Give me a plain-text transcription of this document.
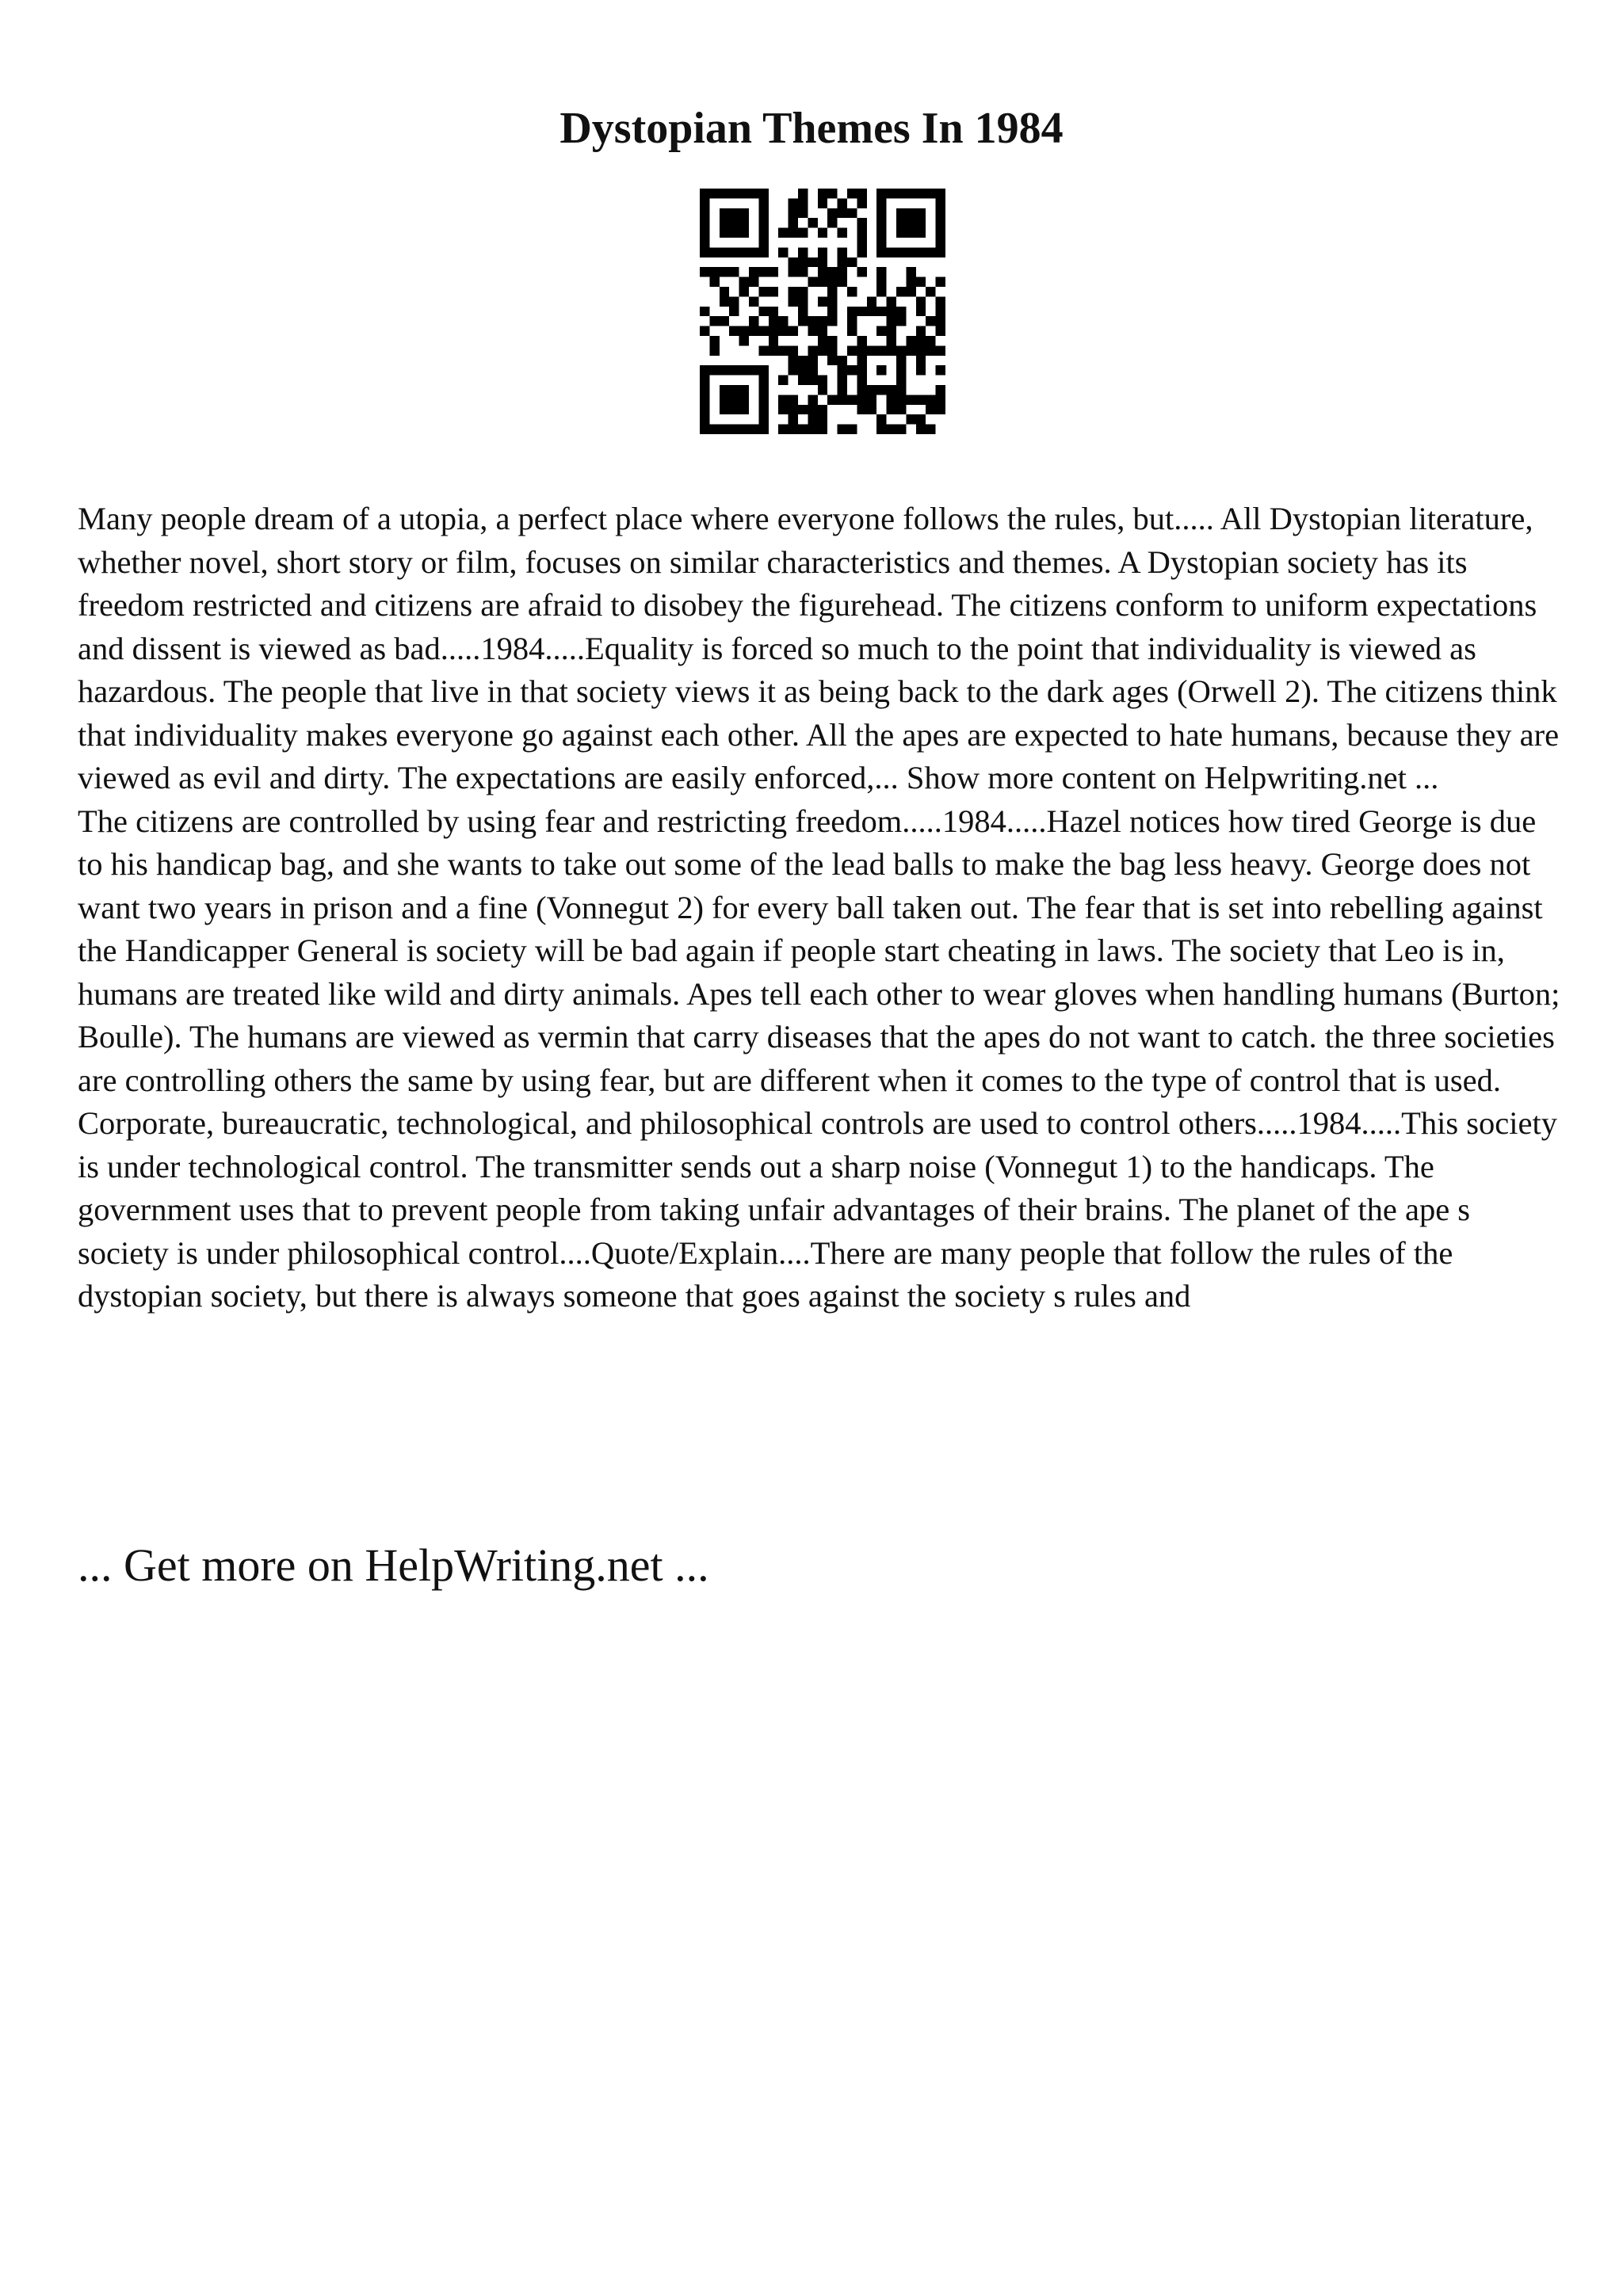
Dystopian Themes In 1984

Many people dream of a utopia, a perfect place where everyone follows the rules, but..... All Dystopian literature, whether novel, short story or film, focuses on similar characteristics and themes. A Dystopian society has its freedom restricted and citizens are afraid to disobey the figurehead. The citizens conform to uniform expectations and dissent is viewed as bad.....1984.....Equality is forced so much to the point that individuality is viewed as hazardous. The people that live in that society views it as being back to the dark ages (Orwell 2). The citizens think that individuality makes everyone go against each other. All the apes are expected to hate humans, because they are viewed as evil and dirty. The expectations are easily enforced,... Show more content on Helpwriting.net ...

The citizens are controlled by using fear and restricting freedom.....1984.....Hazel notices how tired George is due to his handicap bag, and she wants to take out some of the lead balls to make the bag less heavy. George does not want two years in prison and a fine (Vonnegut 2) for every ball taken out. The fear that is set into rebelling against the Handicapper General is society will be bad again if people start cheating in laws. The society that Leo is in, humans are treated like wild and dirty animals. Apes tell each other to wear gloves when handling humans (Burton; Boulle). The humans are viewed as vermin that carry diseases that the apes do not want to catch. the three societies are controlling others the same by using fear, but are different when it comes to the type of control that is used. Corporate, bureaucratic, technological, and philosophical controls are used to control others.....1984.....This society is under technological control. The transmitter sends out a sharp noise (Vonnegut 1) to the handicaps. The government uses that to prevent people from taking unfair advantages of their brains. The planet of the ape s society is under philosophical control....Quote/Explain....There are many people that follow the rules of the dystopian society, but there is always someone that goes against the society s rules and

... Get more on HelpWriting.net ...
